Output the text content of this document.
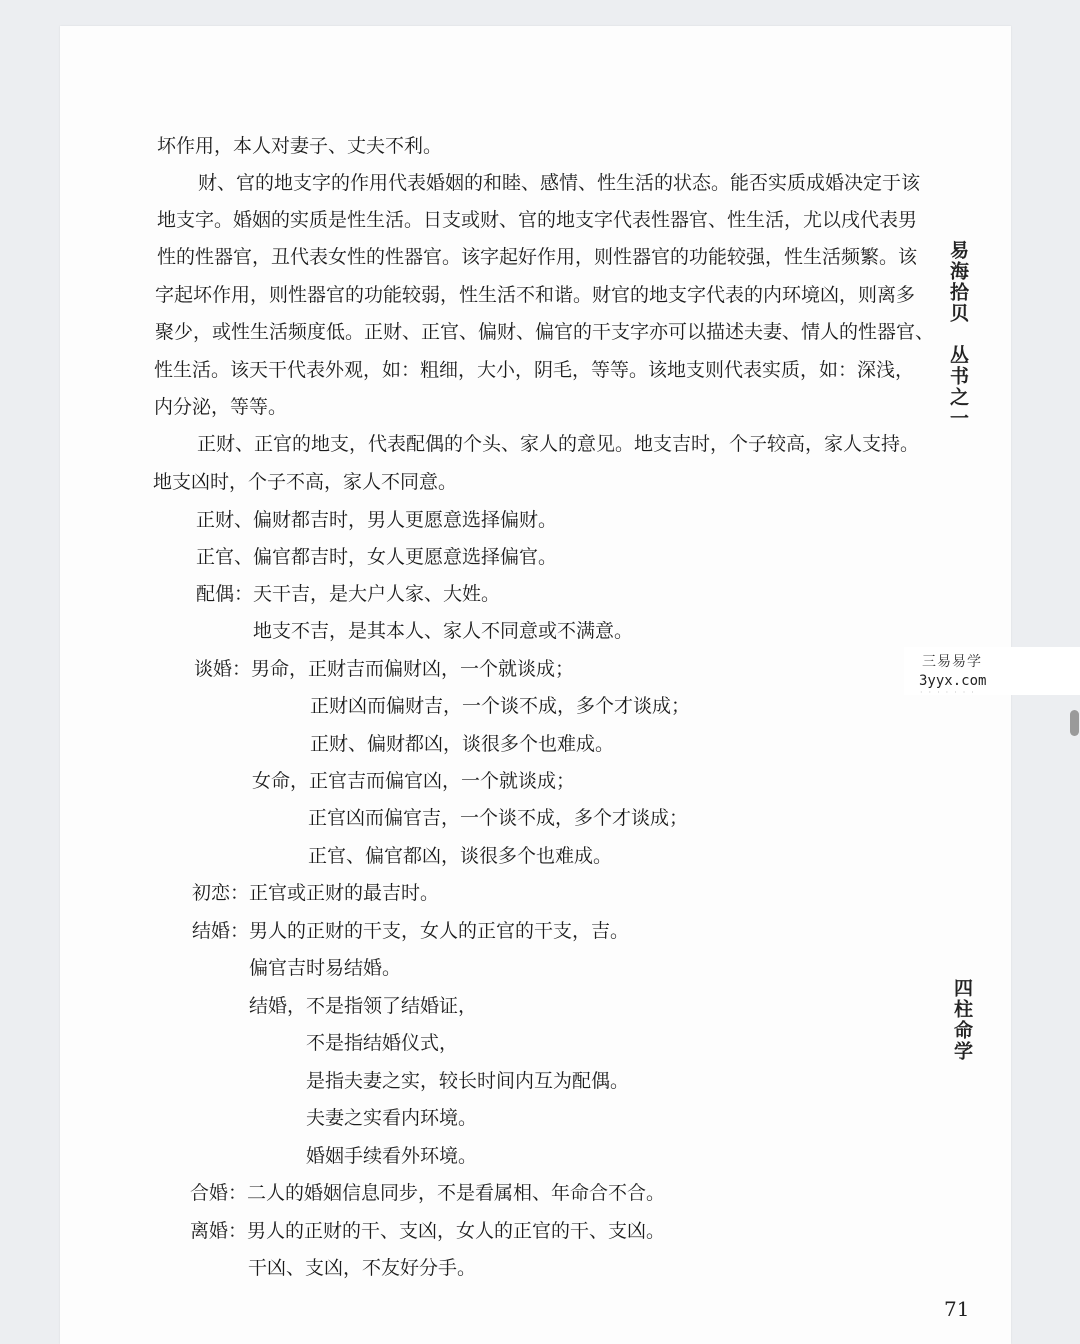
坏作用，本人对妻子、丈夫不利。
财、官的地支字的作用代表婚姻的和睦、感情、性生活的状态。能否实质成婚决定于该
地支字。婚姻的实质是性生活。日支或财、官的地支字代表性器官、性生活，尤以戌代表男
性的性器官，丑代表女性的性器官。该字起好作用，则性器官的功能较强，性生活频繁。该
字起坏作用，则性器官的功能较弱，性生活不和谐。财官的地支字代表的内环境凶，则离多
聚少，或性生活频度低。正财、正官、偏财、偏官的干支字亦可以描述夫妻、情人的性器官、
性生活。该天干代表外观，如：粗细，大小，阴毛，等等。该地支则代表实质，如：深浅，
内分泌，等等。
正财、正官的地支，代表配偶的个头、家人的意见。地支吉时，个子较高，家人支持。
地支凶时，个子不高，家人不同意。
正财、偏财都吉时，男人更愿意选择偏财。
正官、偏官都吉时，女人更愿意选择偏官。
配偶：天干吉，是大户人家、大姓。
地支不吉，是其本人、家人不同意或不满意。
谈婚：男命，正财吉而偏财凶，一个就谈成；
正财凶而偏财吉，一个谈不成，多个才谈成；
正财、偏财都凶，谈很多个也难成。
女命，正官吉而偏官凶，一个就谈成；
正官凶而偏官吉，一个谈不成，多个才谈成；
正官、偏官都凶，谈很多个也难成。
初恋：正官或正财的最吉时。
结婚：男人的正财的干支，女人的正官的干支，吉。
偏官吉时易结婚。
结婚，不是指领了结婚证，
不是指结婚仪式，
是指夫妻之实，较长时间内互为配偶。
夫妻之实看内环境。
婚姻手续看外环境。
合婚：二人的婚姻信息同步，不是看属相、年命合不合。
离婚：男人的正财的干、支凶，女人的正官的干、支凶。
干凶、支凶，不友好分手。
易海拾贝　丛书之一
四柱命学
71
三易易学
3yyx.com
·······
